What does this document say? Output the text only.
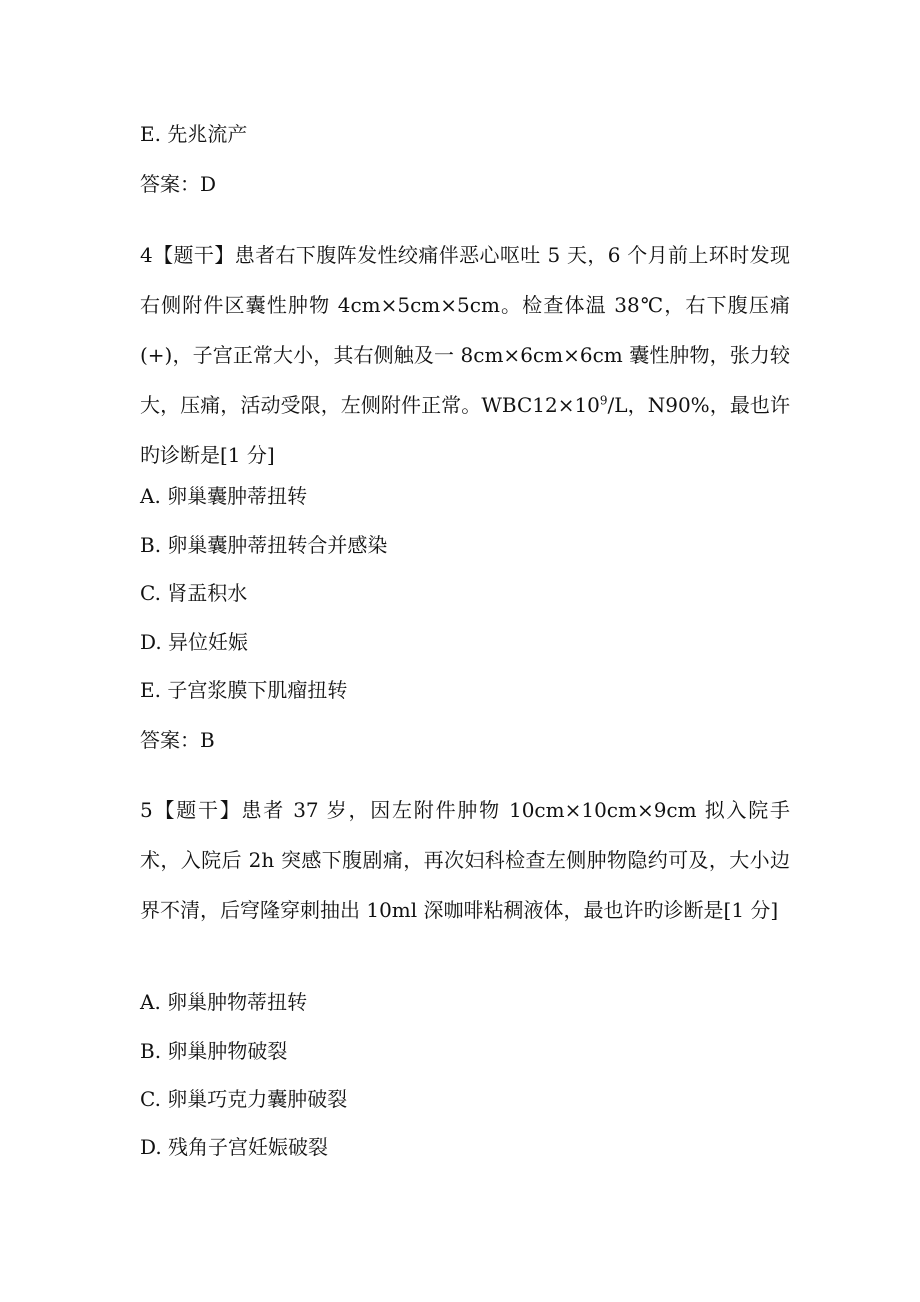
E. 先兆流产
答案：D
4【题干】患者右下腹阵发性绞痛伴恶心呕吐 5 天，6 个月前上环时发现右侧附件区囊性肿物 4cm×5cm×5cm。检查体温 38℃，右下腹压痛(+)，子宫正常大小，其右侧触及一 8cm×6cm×6cm 囊性肿物，张力较大，压痛，活动受限，左侧附件正常。$WBC12\times 10^9/L$，N90%，最也许旳诊断是[1 分]
A. 卵巢囊肿蒂扭转
B. 卵巢囊肿蒂扭转合并感染
C. 肾盂积水
D. 异位妊娠
E. 子宫浆膜下肌瘤扭转
答案：B
5【题干】患者 37 岁，因左附件肿物 10cm×10cm×9cm 拟入院手术，入院后 2h 突感下腹剧痛，再次妇科检查左侧肿物隐约可及，大小边界不清，后穹隆穿刺抽出 10ml 深咖啡粘稠液体，最也许旳诊断是[1 分]
A. 卵巢肿物蒂扭转
B. 卵巢肿物破裂
C. 卵巢巧克力囊肿破裂
D. 残角子宫妊娠破裂
